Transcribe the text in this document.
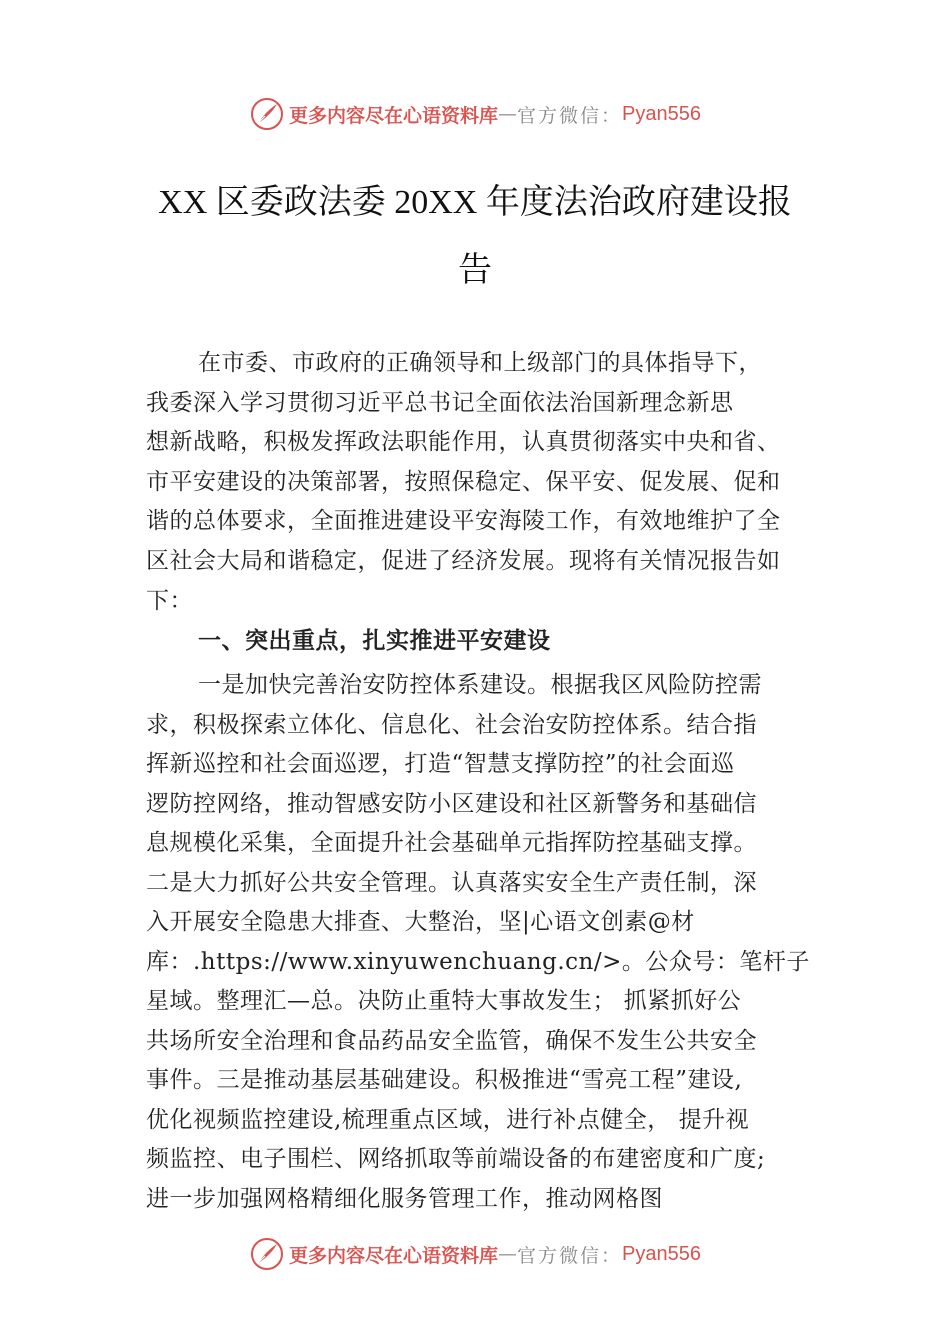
更多内容尽在心语资料库 — 官方微信： Pyan556
XX 区委政法委 20XX 年度法治政府建设报
告
在市委、市政府的正确领导和上级部门的具体指导下，
我委深入学习贯彻习近平总书记全面依法治国新理念新思
想新战略，积极发挥政法职能作用，认真贯彻落实中央和省、
市平安建设的决策部署，按照保稳定、保平安、促发展、促和
谐的总体要求，全面推进建设平安海陵工作，有效地维护了全
区社会大局和谐稳定，促进了经济发展。现将有关情况报告如
下：
一、突出重点，扎实推进平安建设
一是加快完善治安防控体系建设。根据我区风险防控需
求，积极探索立体化、信息化、社会治安防控体系。结合指
挥新巡控和社会面巡逻，打造“智慧支撑防控”的社会面巡
逻防控网络，推动智感安防小区建设和社区新警务和基础信
息规模化采集，全面提升社会基础单元指挥防控基础支撑。
二是大力抓好公共安全管理。认真落实安全生产责任制，深
入开展安全隐患大排查、大整治，坚|心语文创素@材
库：.https://www.xinyuwenchuang.cn/>。公众号：笔杆子
星域。整理汇—总。决防止重特大事故发生； 抓紧抓好公
共场所安全治理和食品药品安全监管，确保不发生公共安全
事件。三是推动基层基础建设。积极推进“雪亮工程”建设,
优化视频监控建设,梳理重点区域，进行补点健全， 提升视
频监控、电子围栏、网络抓取等前端设备的布建密度和广度;
进一步加强网格精细化服务管理工作，推动网格图
更多内容尽在心语资料库 — 官方微信： Pyan556
